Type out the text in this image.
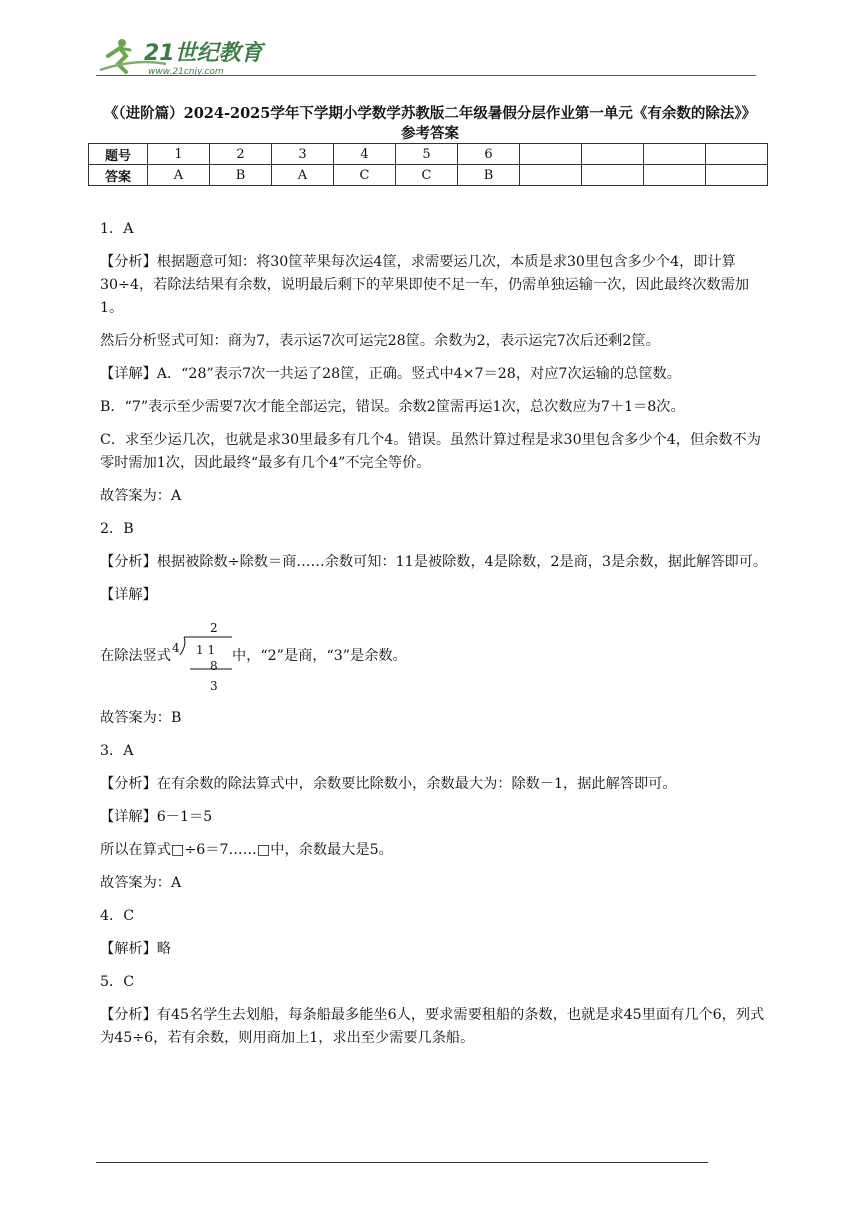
21世纪教育
www.21cnjy.com
《（进阶篇）2024-2025学年下学期小学数学苏教版二年级暑假分层作业第一单元《有余数的除法》》
参考答案
题号	1	2	3	4	5	6				
答案	A	B	A	C	C	B				

1．A

【分析】根据题意可知：将30筐苹果每次运4筐，求需要运几次，本质是求30里包含多少个4，即计算30÷4，若除法结果有余数，说明最后剩下的苹果即使不足一车，仍需单独运输一次，因此最终次数需加1。

然后分析竖式可知：商为7，表示运7次可运完28筐。余数为2，表示运完7次后还剩2筐。

【详解】A．“28”表示7次一共运了28筐，正确。竖式中4×7＝28，对应7次运输的总筐数。

B．“7”表示至少需要7次才能全部运完，错误。余数2筐需再运1次，总次数应为7＋1＝8次。

C．求至少运几次，也就是求30里最多有几个4。错误。虽然计算过程是求30里包含多少个4，但余数不为零时需加1次，因此最终“最多有几个4”不完全等价。

故答案为：A

2．B

【分析】根据被除数÷除数＝商……余数可知：11是被除数，4是除数，2是商，3是余数，据此解答即可。

【详解】

在除法竖式
2
4 1 1
8
3
中，“2”是商，“3”是余数。

故答案为：B

3．A

【分析】在有余数的除法算式中，余数要比除数小，余数最大为：除数－1，据此解答即可。

【详解】6－1＝5

所以在算式□÷6＝7……□中，余数最大是5。

故答案为：A

4．C

【解析】略

5．C

【分析】有45名学生去划船，每条船最多能坐6人，要求需要租船的条数，也就是求45里面有几个6，列式为45÷6，若有余数，则用商加上1，求出至少需要几条船。
